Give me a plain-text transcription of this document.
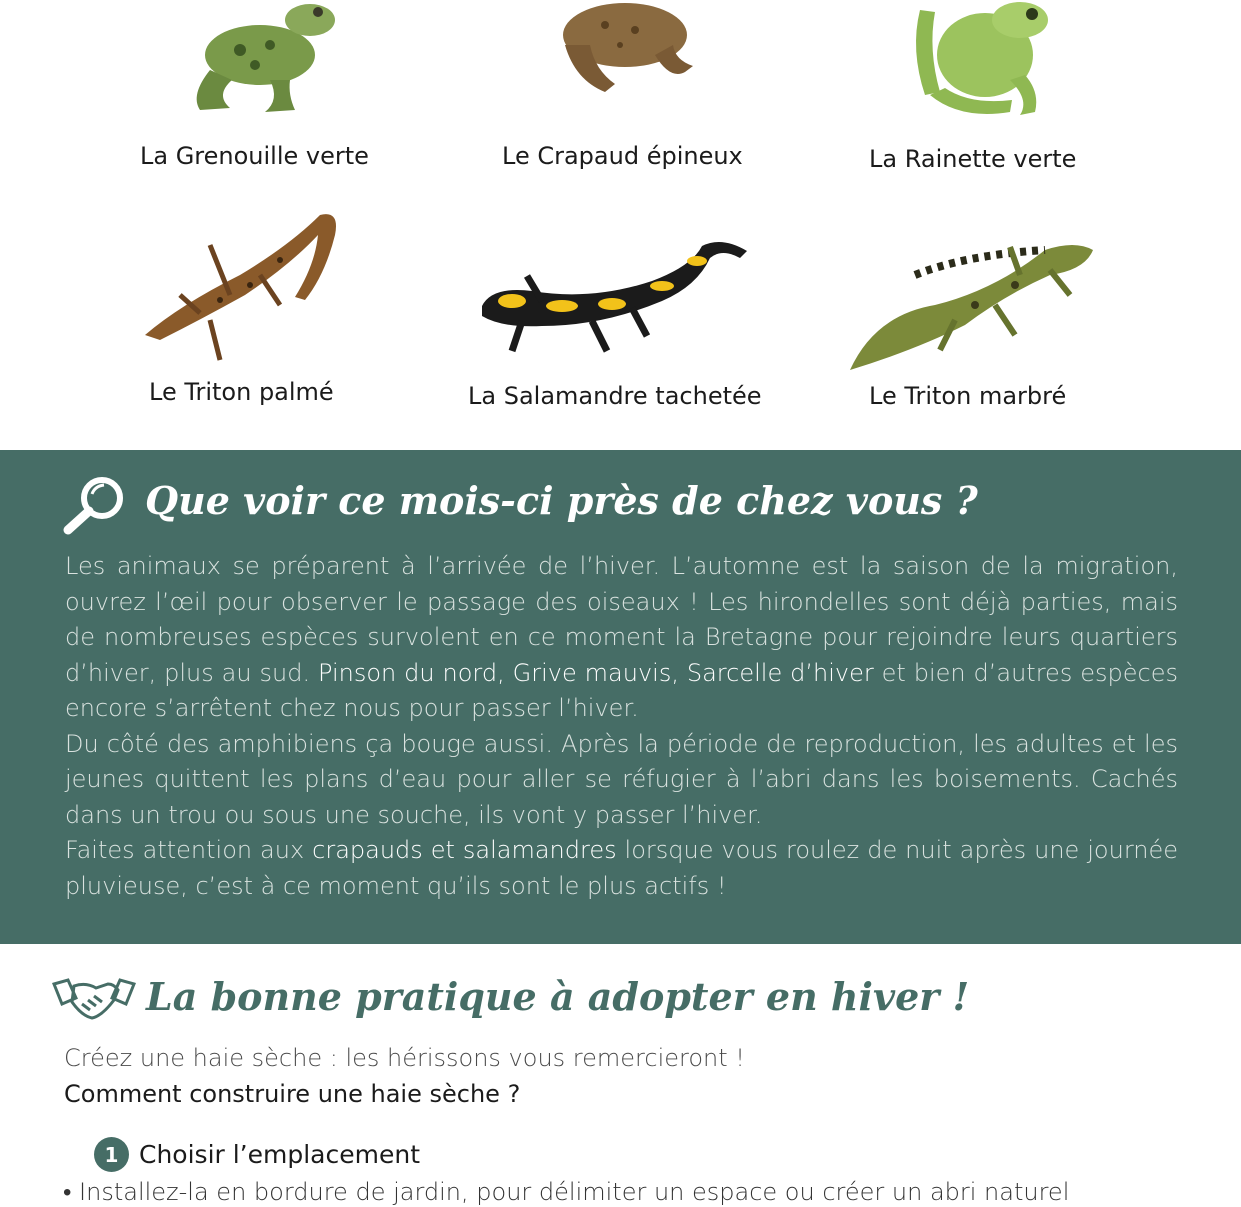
La Grenouille verte	Le Crapaud épineux	La Rainette verte
Le Triton palmé	La Salamandre tachetée	Le Triton marbré
Que voir ce mois-ci près de chez vous ?

Les animaux se préparent à l’arrivée de l’hiver. L’automne est la saison de la migration, ouvrez l’œil pour observer le passage des oiseaux ! Les hirondelles sont déjà parties, mais de nombreuses espèces survolent en ce moment la Bretagne pour rejoindre leurs quartiers d’hiver, plus au sud. Pinson du nord, Grive mauvis, Sarcelle d’hiver et bien d’autres espèces encore s’arrêtent chez nous pour passer l’hiver.

Du côté des amphibiens ça bouge aussi. Après la période de reproduction, les adultes et les jeunes quittent les plans d’eau pour aller se réfugier à l’abri dans les boisements. Cachés dans un trou ou sous une souche, ils vont y passer l’hiver.

Faites attention aux crapauds et salamandres lorsque vous roulez de nuit après une journée pluvieuse, c’est à ce moment qu’ils sont le plus actifs !

La bonne pratique à adopter en hiver !
Créez une haie sèche : les hérissons vous remercieront !
Comment construire une haie sèche ?
1 Choisir l’emplacement
• Installez-la en bordure de jardin, pour délimiter un espace ou créer un abri naturel
